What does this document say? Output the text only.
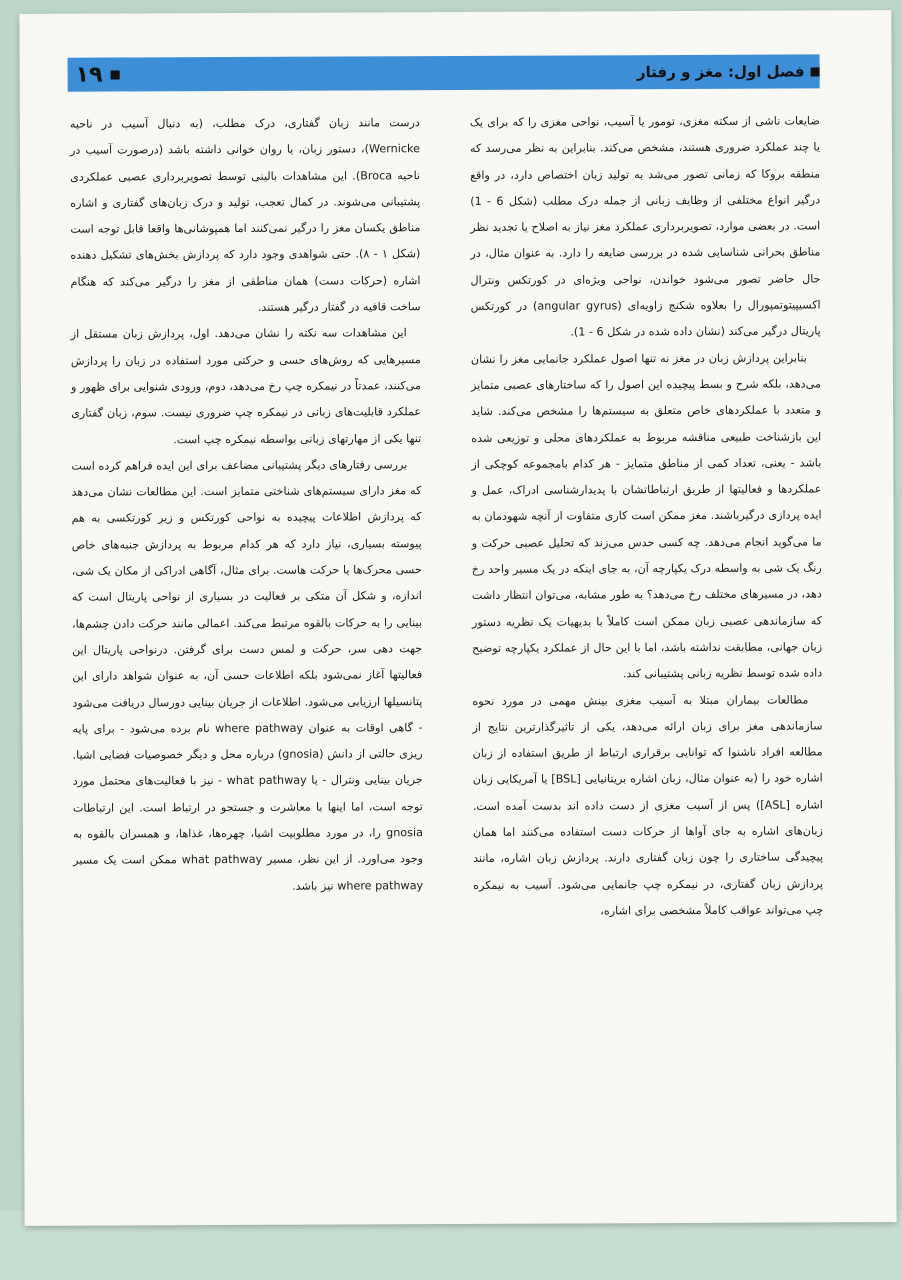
فصل اول: مغز و رفتار
۱۹

ضایعات ناشی از سکته مغزی، تومور یا آسیب، نواحی مغزی را که برای یک یا چند عملکرد ضروری هستند، مشخص می‌کند. بنابراین به نظر می‌رسد که منطقه بروکا که زمانی تصور می‌شد به تولید زبان اختصاص دارد، در واقع درگیر انواع مختلفی از وظایف زبانی از جمله درک مطلب (شکل 6 - 1) است. در بعضی موارد، تصویربرداری عملکرد مغز نیاز به اصلاح یا تجدید نظر مناطق بحرانی شناسایی شده در بررسی ضایعه را دارد. به عنوان مثال، در حال حاضر تصور می‌شود خواندن، نواحی ویژه‌ای در کورتکس ونترال اکسیپیتوتمپورال را بعلاوه شکنج زاویه‌ای (angular gyrus) در کورتکس پاریتال درگیر می‌کند (نشان داده شده در شکل 6 - 1).

بنابراین پردازش زبان در مغز نه تنها اصول عملکرد جانمایی مغز را نشان می‌دهد، بلکه شرح و بسط پیچیده این اصول را که ساختارهای عصبی متمایز و متعدد با عملکردهای خاص متعلق به سیستم‌ها را مشخص می‌کند. شاید این بازشناخت طبیعی مناقشه مربوط به عملکردهای محلی و توزیعی شده باشد - یعنی، تعداد کمی از مناطق متمایز - هر کدام بامجموعه کوچکی از عملکردها و فعالیتها از طریق ارتباطاتشان با پدیدارشناسی ادراک، عمل و ایده پردازی درگیرباشند. مغز ممکن است کاری متفاوت از آنچه شهودمان به ما می‌گوید انجام می‌دهد. چه کسی حدس می‌زند که تحلیل عصبی حرکت و رنگ یک شی به واسطه درک یکپارچه آن، به جای اینکه در یک مسیر واحد رخ دهد، در مسیرهای مختلف رخ می‌دهد؟ به طور مشابه، می‌توان انتظار داشت که سازماندهی عصبی زبان ممکن است کاملاً با بدیهیات یک نظریه دستور زبان جهانی، مطابقت نداشته باشد، اما با این حال از عملکرد یکپارچه توضیح داده شده توسط نظریه زبانی پشتیبانی کند.

مطالعات بیماران مبتلا به آسیب مغزی بینش مهمی در مورد نحوه سازماندهی مغز برای زبان ارائه می‌دهد، یکی از تاثیرگذارترین نتایج از مطالعه افراد ناشنوا که توانایی برقراری ارتباط از طریق استفاده از زبان اشاره خود را (به عنوان مثال، زبان اشاره بریتانیایی [BSL] یا آمریکایی زبان اشاره [ASL]) پس از آسیب مغزی از دست داده اند بدست آمده است. زبان‌های اشاره به جای آواها از حرکات دست استفاده می‌کنند اما همان پیچیدگی ساختاری را چون زبان گفتاری دارند. پردازش زبان اشاره، مانند پردازش زبان گفتاری، در نیمکره چپ جانمایی می‌شود. آسیب به نیمکره چپ می‌تواند عواقب کاملاً مشخصی برای اشاره،

درست مانند زبان گفتاری، درک مطلب، (به دنبال آسیب در ناحیه Wernicke)، دستور زبان، یا روان خوانی داشته باشد (درصورت آسیب در ناحیه Broca). این مشاهدات بالینی توسط تصویربرداری عصبی عملکردی پشتیبانی می‌شوند. در کمال تعجب، تولید و درک زبان‌های گفتاری و اشاره مناطق یکسان مغز را درگیر نمی‌کنند اما همپوشانی‌ها واقعا قابل توجه است (شکل ۱ - ۸). حتی شواهدی وجود دارد که پردازش بخش‌های تشکیل دهنده اشاره (حرکات دست) همان مناطقی از مغز را درگیر می‌کند که هنگام ساخت قافیه در گفتار درگیر هستند.

این مشاهدات سه نکته را نشان می‌دهد. اول، پردازش زبان مستقل از مسیرهایی که روش‌های حسی و حرکتی مورد استفاده در زبان را پردازش می‌کنند، عمدتاً در نیمکره چپ رخ می‌دهد، دوم، ورودی شنوایی برای ظهور و عملکرد قابلیت‌های زبانی در نیمکره چپ ضروری نیست. سوم، زبان گفتاری تنها یکی از مهارتهای زبانی بواسطه نیمکره چپ است.

بررسی رفتارهای دیگر پشتیبانی مضاعف برای این ایده فراهم کرده است که مغز دارای سیستم‌های شناختی متمایز است. این مطالعات نشان می‌دهد که پردازش اطلاعات پیچیده به نواحی کورتکس و زیر کورتکسی به هم پیوسته بسیاری، نیاز دارد که هر کدام مربوط به پردازش جنبه‌های خاص حسی محرک‌ها یا حرکت هاست. برای مثال، آگاهی ادراکی از مکان یک شی، اندازه، و شکل آن متکی بر فعالیت در بسیاری از نواحی پاریتال است که بینایی را به حرکات بالقوه مرتبط می‌کند. اعمالی مانند حرکت دادن چشم‌ها، جهت دهی سر، حرکت و لمس دست برای گرفتن. درنواحی پاریتال این فعالیتها آغاز نمی‌شود بلکه اطلاعات حسی آن، به عنوان شواهد دارای این پتانسیلها ارزیابی می‌شود. اطلاعات از جریان بینایی دورسال دریافت می‌شود - گاهی اوقات به عنوان where pathway نام برده می‌شود - برای پایه ریزی حالتی از دانش (gnosia) درباره محل و دیگر خصوصیات فضایی اشیا. جریان بینایی ونترال - یا what pathway - نیز با فعالیت‌های محتمل مورد توجه است، اما اینها با معاشرت و جستجو در ارتباط است. این ارتباطات gnosia را، در مورد مطلوبیت اشیا، چهره‌ها، غذاها، و همسران بالقوه به وجود می‌اورد. از این نظر، مسیر what pathway ممکن است یک مسیر where pathway نیز باشد.
